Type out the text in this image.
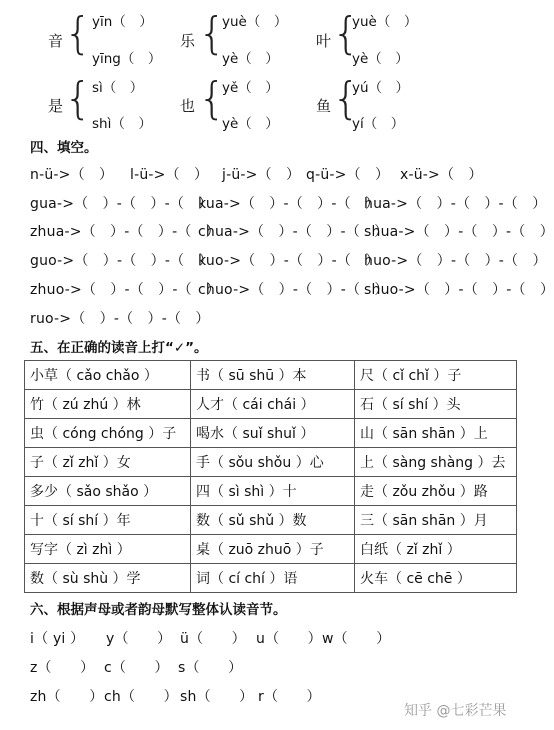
音 { yīn（　）
yīng（　）
乐 {
yuè（　）
yè（　）
叶 {
yuè（　）
yè（　）
是 { sì（　）
shì（　）
也 {
yě（　）
yè（　）
鱼 {
yú（　）
yí（　）
四、填空。
n-ü->（　） l-ü->（　） j-ü->（　） q-ü->（　） x-ü->（　）
gua->（　）-（　）-（　）
kua->（　）-（　）-（　）
hua->（　）-（　）-（　）
zhua->（　）-（　）-（　）
chua->（　）-（　）-（　）
shua->（　）-（　）-（　）
guo->（　）-（　）-（　）
kuo->（　）-（　）-（　）
huo->（　）-（　）-（　）
zhuo->（　）-（　）-（　）
chuo->（　）-（　）-（　）
shuo->（　）-（　）-（　）
ruo->（　）-（　）-（　）
五、在正确的读音上打“✓”。
小草（ cǎo chǎo ）	书（ sū shū ）本	尺（ cǐ chǐ ）子
竹（ zú zhú ）林	人才（ cái chái ）	石（ sí shí ）头
虫（ cóng chóng ）子	喝水（ suǐ shuǐ ）	山（ sān shān ）上
子（ zǐ zhǐ ）女	手（ sǒu shǒu ）心	上（ sàng shàng ）去
多少（ sǎo shǎo ）	四（ sì shì ）十	走（ zǒu zhǒu ）路
十（ sí shí ）年	数（ sǔ shǔ ）数	三（ sān shān ）月
写字（ zì zhì ）	桌（ zuō zhuō ）子	白纸（ zǐ zhǐ ）
数（ sù shù ）学	词（ cí chí ）语	火车（ cē chē ）
六、根据声母或者韵母默写整体认读音节。
i（ yi ） y（　　） ü（　　） u（　　） w（　　）
z（　　） c（　　） s（　　）
zh（　　） ch（　　） sh（　　） r（　　）
知乎 @七彩芒果
